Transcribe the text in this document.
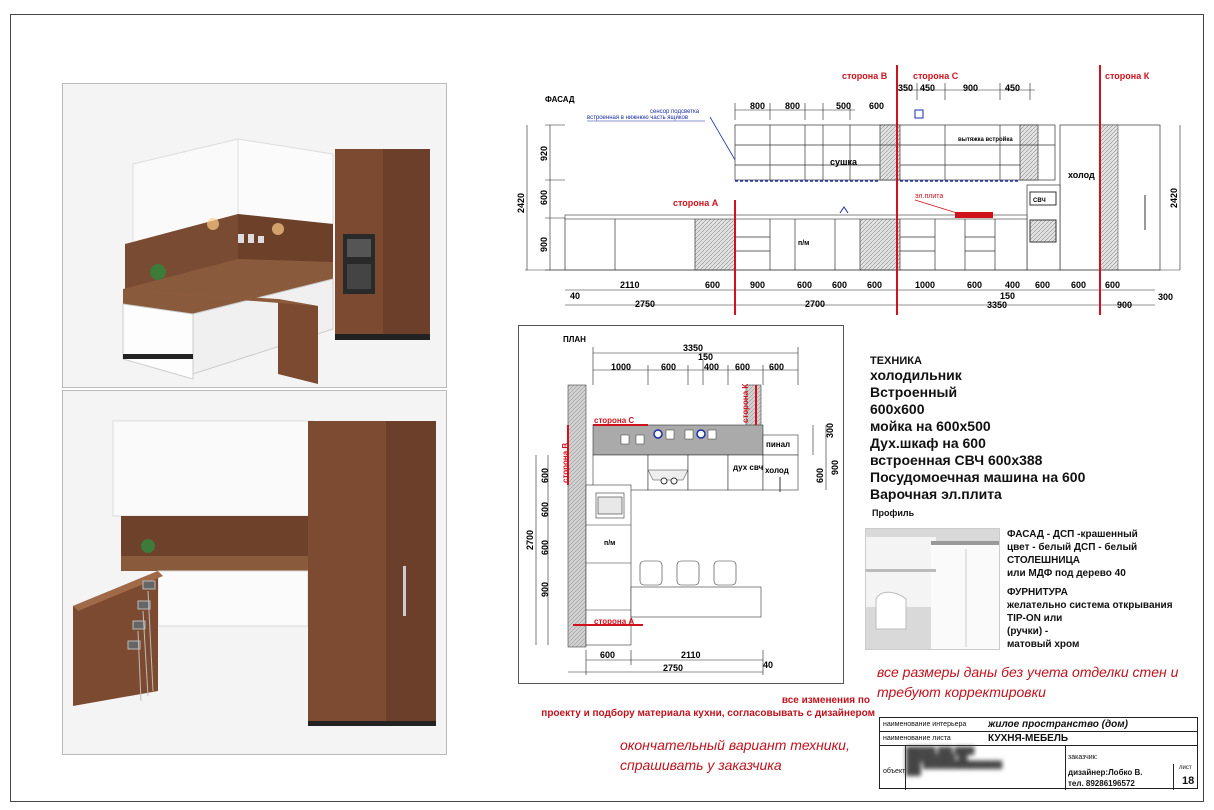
800 800	500 600
350 450	900	450
ФАСАД
сенсор подсветка
встроенная в нижнюю часть ящиков
сушка
вытяжка встройка
холод
СВЧ
п/м
эл.плита
920
600
900
2420	2420
2110	600	900	600 600 600	1000	600	400 600 600 600
40
2750	2700
150
3350	900
300
сторона А
сторона В	сторона С	сторона К
ПЛАН
3350
150
1000	600	400 600 600
пинал
дух свч холод
п/м
300
600
900
600
600
600
900
2700
600	2110
2750	40
сторона С	сторона К
сторона А
сторона В
ТЕХНИКА
холодильник
Встроенный
600х600
мойка на 600х500
Дух.шкаф на 600
встроенная СВЧ 600х388
Посудомоечная машина на 600
Варочная эл.плита
Профиль
ФАСАД - ДСП -крашенный
цвет - белый ДСП - белый
СТОЛЕШНИЦА
или МДФ под дерево 40
ФУРНИТУРА
желательно система открывания
TIP-ON или
(ручки) -
матовый хром
все размеры даны без учета отделки стен и требуют корректировки
все изменения по
проекту и подбору материала кухни, согласовывать с дизайнером
окончательный вариант техники,
спрашивать у заказчика
наименование интерьера жилое пространство (дом)
наименование листа	КУХНЯ-МЕБЕЛЬ
объект
██████ ███ ████
██████████ ██
███ ████████████████ ███
заказчик:
дизайнер:Лобко В.
тел. 89286196572
лист
18
